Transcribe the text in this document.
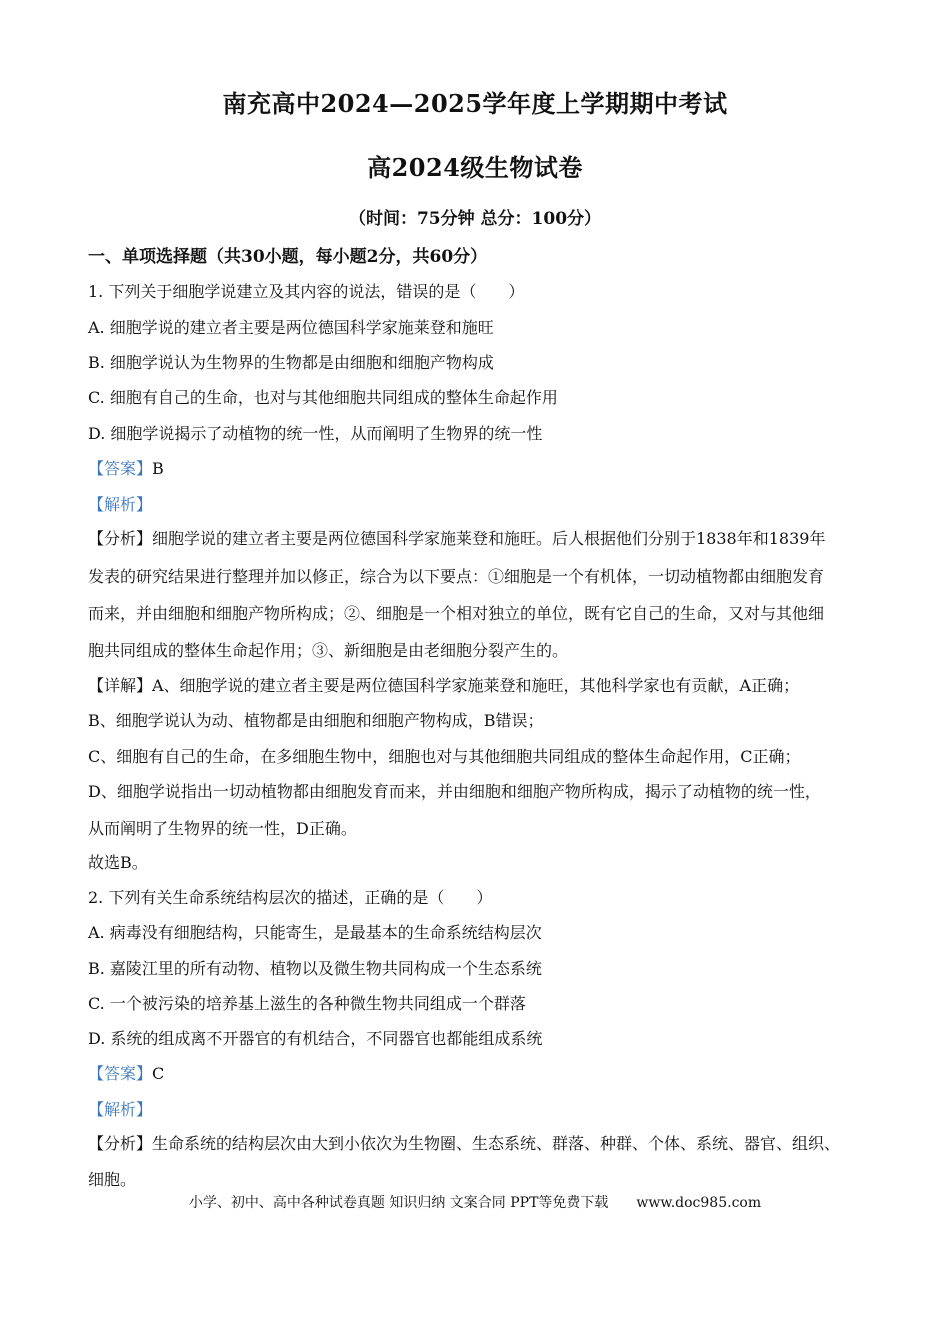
南充高中2024—2025学年度上学期期中考试
高2024级生物试卷
（时间：75分钟 总分：100分）
一、单项选择题（共30小题，每小题2分，共60分）
1. 下列关于细胞学说建立及其内容的说法，错误的是（　　）
A. 细胞学说的建立者主要是两位德国科学家施莱登和施旺
B. 细胞学说认为生物界的生物都是由细胞和细胞产物构成
C. 细胞有自己的生命，也对与其他细胞共同组成的整体生命起作用
D. 细胞学说揭示了动植物的统一性，从而阐明了生物界的统一性
【答案】B
【解析】
【分析】细胞学说的建立者主要是两位德国科学家施莱登和施旺。后人根据他们分别于1838年和1839年
发表的研究结果进行整理并加以修正，综合为以下要点：①细胞是一个有机体，一切动植物都由细胞发育
而来，并由细胞和细胞产物所构成；②、细胞是一个相对独立的单位，既有它自己的生命，又对与其他细
胞共同组成的整体生命起作用；③、新细胞是由老细胞分裂产生的。
【详解】A、细胞学说的建立者主要是两位德国科学家施莱登和施旺，其他科学家也有贡献，A正确；
B、细胞学说认为动、植物都是由细胞和细胞产物构成，B错误；
C、细胞有自己的生命，在多细胞生物中，细胞也对与其他细胞共同组成的整体生命起作用，C正确；
D、细胞学说指出一切动植物都由细胞发育而来，并由细胞和细胞产物所构成，揭示了动植物的统一性，
从而阐明了生物界的统一性，D正确。
故选B。
2. 下列有关生命系统结构层次的描述，正确的是（　　）
A. 病毒没有细胞结构，只能寄生，是最基本的生命系统结构层次
B. 嘉陵江里的所有动物、植物以及微生物共同构成一个生态系统
C. 一个被污染的培养基上滋生的各种微生物共同组成一个群落
D. 系统的组成离不开器官的有机结合，不同器官也都能组成系统
【答案】C
【解析】
【分析】生命系统的结构层次由大到小依次为生物圈、生态系统、群落、种群、个体、系统、器官、组织、
细胞。
小学、初中、高中各种试卷真题 知识归纳 文案合同 PPT等免费下载 www.doc985.com
